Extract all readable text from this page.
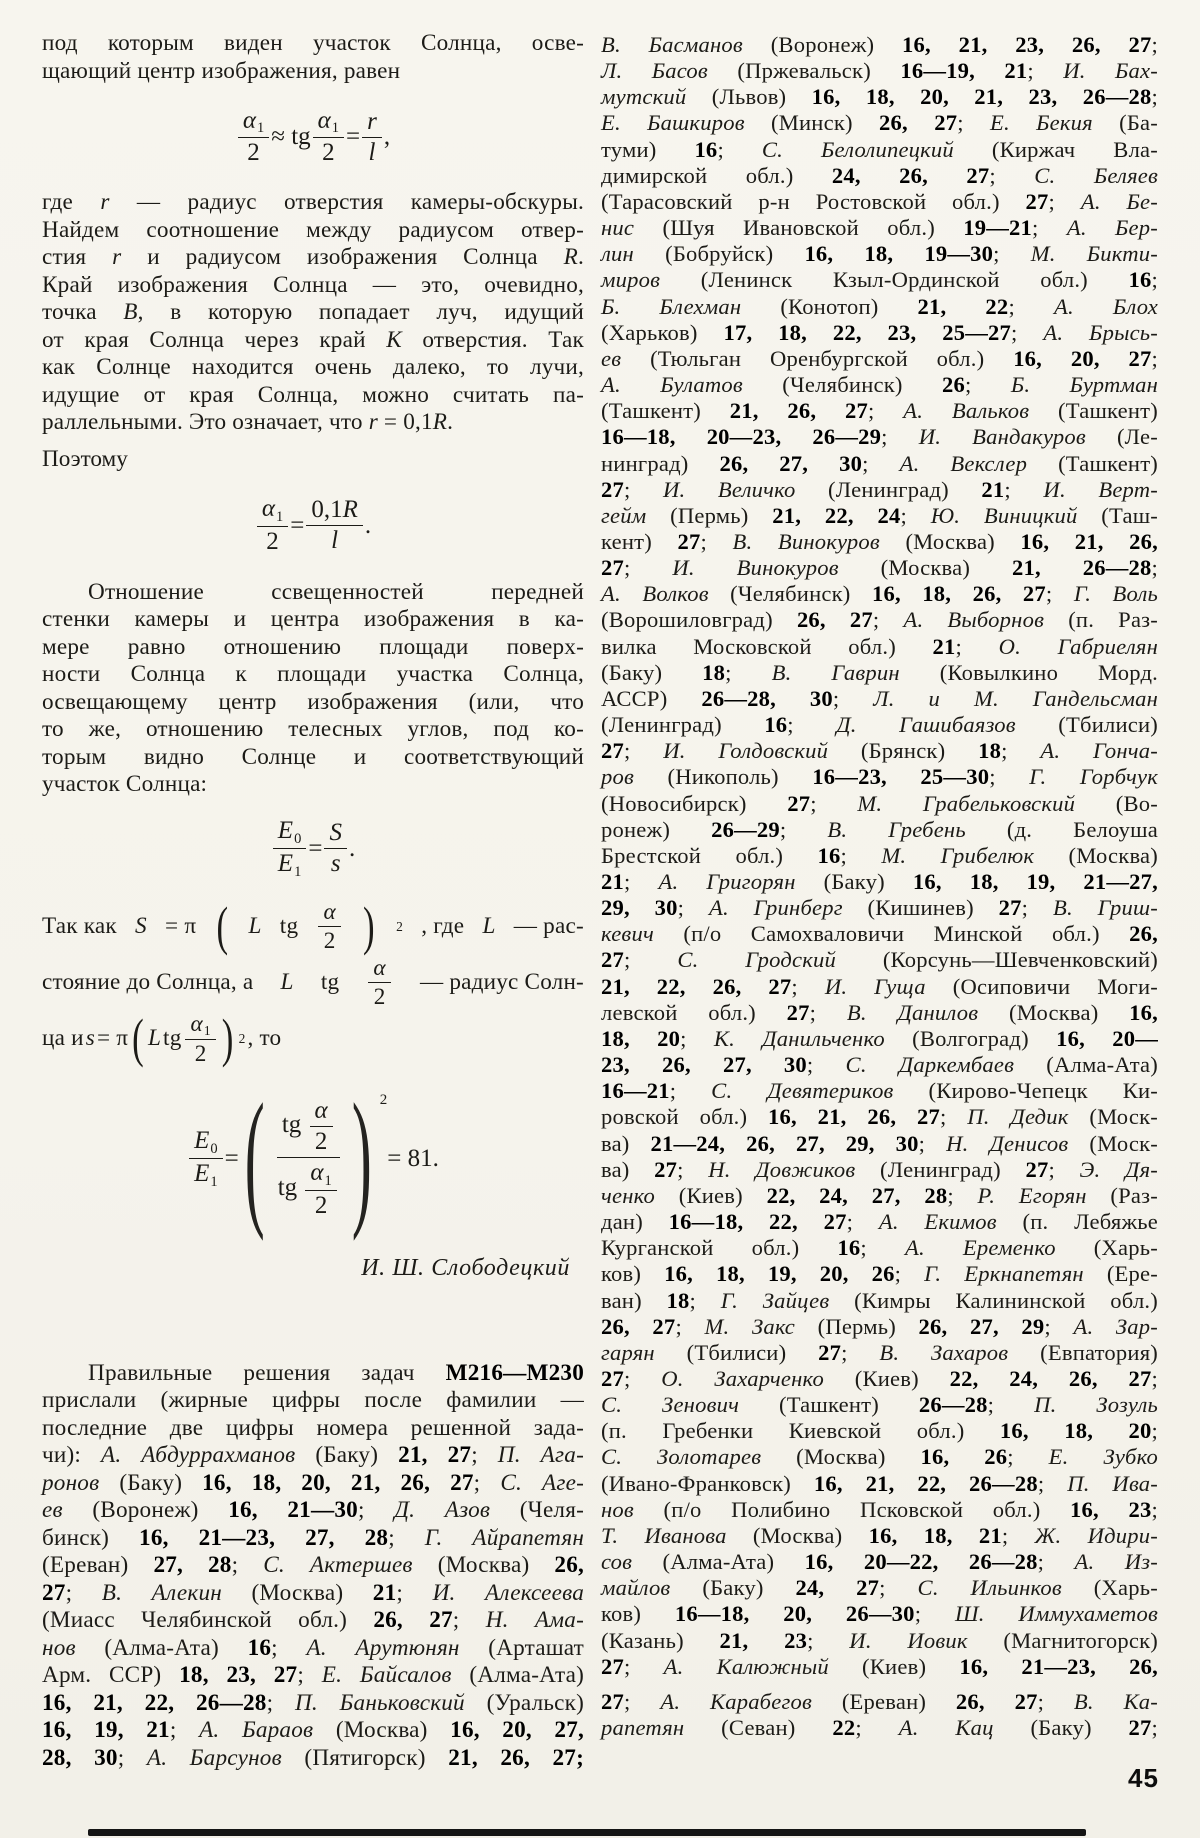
под которым виден участок Солнца, осве-
щающий центр изображения, равен
$\frac{\alpha 1}{2}$ ≈ tg $\frac{\alpha 1}{2} = \frac{r}{l}$ ,
где r — радиус отверстия камеры-обскуры.
Найдем соотношение между радиусом отвер-
стия r и радиусом изображения Солнца R.
Край изображения Солнца — это, очевидно,
точка B, в которую попадает луч, идущий
от края Солнца через край K отверстия. Так
как Солнце находится очень далеко, то лучи,
идущие от края Солнца, можно считать па-
раллельными. Это означает, что r = 0,1R.
Поэтому
$\frac{\alpha 1}{2} = \frac{0,1R}{l}$ .
Отношение ссвещенностей передней
стенки камеры и центра изображения в ка-
мере равно отношению площади поверх-
ности Солнца к площади участка Солнца,
освещающему центр изображения (или, что
то же, отношению телесных углов, под ко-
торым видно Солнце и соответствующий
участок Солнца:
$\frac{E0}{E1} = \frac{S}{s}$ .
Так как S = π ( L tg $\frac{\alpha}{2}$ ) 2 , где L — рас-
стояние до Солнца, а L tg $\frac{\alpha}{2}$ — радиус Солн-
ца и s = π ( L tg $\frac{\alpha 1}{2}$ ) 2 , то
$\frac{E0}{E1}$ = ( $\frac{tg \frac{\alpha}{2}}{tg \frac{\alpha 1}{2}}$ ) 2
= 81.
И. Ш. Слободецкий
Правильные решения задач М216—М230
прислали (жирные цифры после фамилии —
последние две цифры номера решенной зада-
чи): А. Абдуррахманов (Баку) 21, 27; П. Ага-
ронов (Баку) 16, 18, 20, 21, 26, 27; С. Аге-
ев (Воронеж) 16, 21—30; Д. Азов (Челя-
бинск) 16, 21—23, 27, 28; Г. Айрапетян
(Ереван) 27, 28; С. Актершев (Москва) 26,
27; В. Алекин (Москва) 21; И. Алексеева
(Миасс Челябинской обл.) 26, 27; Н. Ама-
нов (Алма-Ата) 16; А. Арутюнян (Арташат
Арм. ССР) 18, 23, 27; Е. Байсалов (Алма-Ата)
16, 21, 22, 26—28; П. Баньковский (Уральск)
16, 19, 21; А. Бараов (Москва) 16, 20, 27,
28, 30; А. Барсунов (Пятигорск) 21, 26, 27;
В. Басманов (Воронеж) 16, 21, 23, 26, 27;
Л. Басов (Пржевальск) 16—19, 21; И. Бах-
мутский (Львов) 16, 18, 20, 21, 23, 26—28;
Е. Башкиров (Минск) 26, 27; Е. Бекия (Ба-
туми) 16; С. Белолипецкий (Киржач Вла-
димирской обл.) 24, 26, 27; С. Беляев
(Тарасовский р-н Ростовской обл.) 27; А. Бе-
нис (Шуя Ивановской обл.) 19—21; А. Бер-
лин (Бобруйск) 16, 18, 19—30; М. Бикти-
миров (Ленинск Кзыл-Ординской обл.) 16;
Б. Блехман (Конотоп) 21, 22; А. Блох
(Харьков) 17, 18, 22, 23, 25—27; А. Брысь-
ев (Тюльган Оренбургской обл.) 16, 20, 27;
А. Булатов (Челябинск) 26; Б. Буртман
(Ташкент) 21, 26, 27; А. Вальков (Ташкент)
16—18, 20—23, 26—29; И. Вандакуров (Ле-
нинград) 26, 27, 30; А. Векслер (Ташкент)
27; И. Величко (Ленинград) 21; И. Верт-
гейм (Пермь) 21, 22, 24; Ю. Виницкий (Таш-
кент) 27; В. Винокуров (Москва) 16, 21, 26,
27; И. Винокуров (Москва) 21, 26—28;
А. Волков (Челябинск) 16, 18, 26, 27; Г. Воль
(Ворошиловград) 26, 27; А. Выборнов (п. Раз-
вилка Московской обл.) 21; О. Габриелян
(Баку) 18; В. Гаврин (Ковылкино Морд.
АССР) 26—28, 30; Л. и М. Гандельсман
(Ленинград) 16; Д. Гашибаязов (Тбилиси)
27; И. Голдовский (Брянск) 18; А. Гонча-
ров (Никополь) 16—23, 25—30; Г. Горбчук
(Новосибирск) 27; М. Грабельковский (Во-
ронеж) 26—29; В. Гребень (д. Белоуша
Брестской обл.) 16; М. Грибелюк (Москва)
21; А. Григорян (Баку) 16, 18, 19, 21—27,
29, 30; А. Гринберг (Кишинев) 27; В. Гриш-
кевич (п/о Самохваловичи Минской обл.) 26,
27; С. Гродский (Корсунь—Шевченковский)
21, 22, 26, 27; И. Гуща (Осиповичи Моги-
левской обл.) 27; В. Данилов (Москва) 16,
18, 20; К. Данильченко (Волгоград) 16, 20—
23, 26, 27, 30; С. Даркембаев (Алма-Ата)
16—21; С. Девятериков (Кирово-Чепецк Ки-
ровской обл.) 16, 21, 26, 27; П. Дедик (Моск-
ва) 21—24, 26, 27, 29, 30; Н. Денисов (Моск-
ва) 27; Н. Довжиков (Ленинград) 27; Э. Дя-
ченко (Киев) 22, 24, 27, 28; Р. Егорян (Раз-
дан) 16—18, 22, 27; А. Екимов (п. Лебяжье
Курганской обл.) 16; А. Еременко (Харь-
ков) 16, 18, 19, 20, 26; Г. Еркнапетян (Ере-
ван) 18; Г. Зайцев (Кимры Калининской обл.)
26, 27; М. Закс (Пермь) 26, 27, 29; А. Зар-
гарян (Тбилиси) 27; В. Захаров (Евпатория)
27; О. Захарченко (Киев) 22, 24, 26, 27;
С. Зенович (Ташкент) 26—28; П. Зозуль
(п. Гребенки Киевской обл.) 16, 18, 20;
С. Золотарев (Москва) 16, 26; Е. Зубко
(Ивано-Франковск) 16, 21, 22, 26—28; П. Ива-
нов (п/о Полибино Псковской обл.) 16, 23;
Т. Иванова (Москва) 16, 18, 21; Ж. Идири-
сов (Алма-Ата) 16, 20—22, 26—28; А. Из-
майлов (Баку) 24, 27; С. Ильинков (Харь-
ков) 16—18, 20, 26—30; Ш. Иммухаметов
(Казань) 21, 23; И. Иовик (Магнитогорск)
27; А. Калюжный (Киев) 16, 21—23, 26,
27; А. Карабегов (Ереван) 26, 27; В. Ка-
рапетян (Севан) 22; А. Кац (Баку) 27;
45
